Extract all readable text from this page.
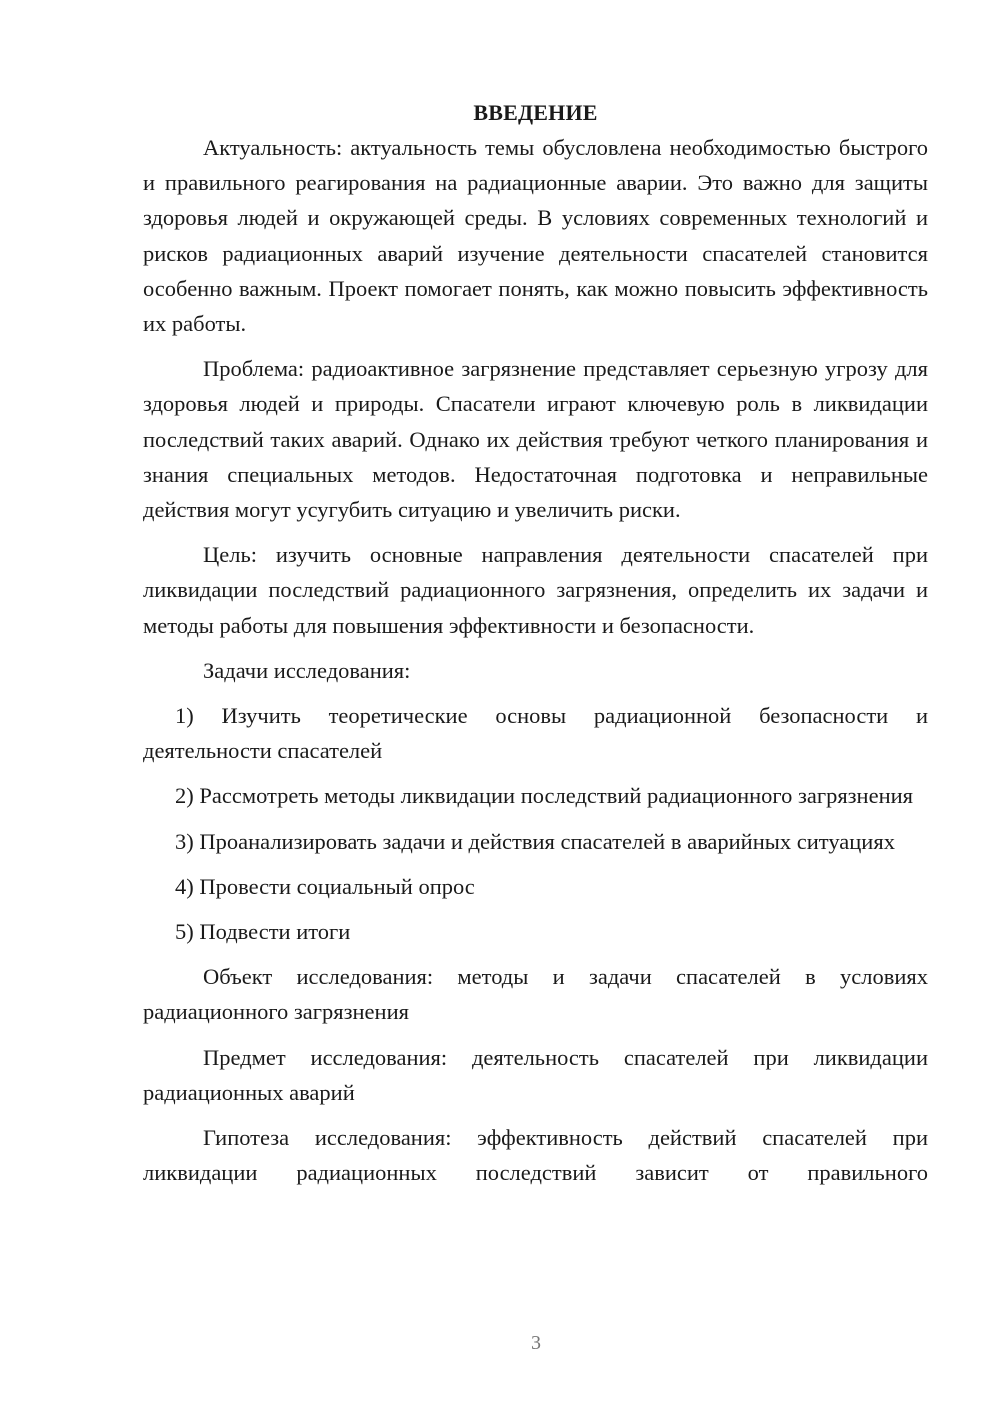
ВВЕДЕНИЕ

Актуальность: актуальность темы обусловлена необходимостью быстрого и правильного реагирования на радиационные аварии. Это важно для защиты здоровья людей и окружающей среды. В условиях современных технологий и рисков радиационных аварий изучение деятельности спасателей становится особенно важным. Проект помогает понять, как можно повысить эффективность их работы.

Проблема: радиоактивное загрязнение представляет серьезную угрозу для здоровья людей и природы. Спасатели играют ключевую роль в ликвидации последствий таких аварий. Однако их действия требуют четкого планирования и знания специальных методов. Недостаточная подготовка и неправильные действия могут усугубить ситуацию и увеличить риски.

Цель: изучить основные направления деятельности спасателей при ликвидации последствий радиационного загрязнения, определить их задачи и методы работы для повышения эффективности и безопасности.

Задачи исследования:

1) Изучить теоретические основы радиационной безопасности и деятельности спасателей

2) Рассмотреть методы ликвидации последствий радиационного загрязнения

3) Проанализировать задачи и действия спасателей в аварийных ситуациях

4) Провести социальный опрос

5) Подвести итоги

Объект исследования: методы и задачи спасателей в условиях радиационного загрязнения

Предмет исследования: деятельность спасателей при ликвидации радиационных аварий

Гипотеза исследования: эффективность действий спасателей при ликвидации радиационных последствий зависит от правильного

3
